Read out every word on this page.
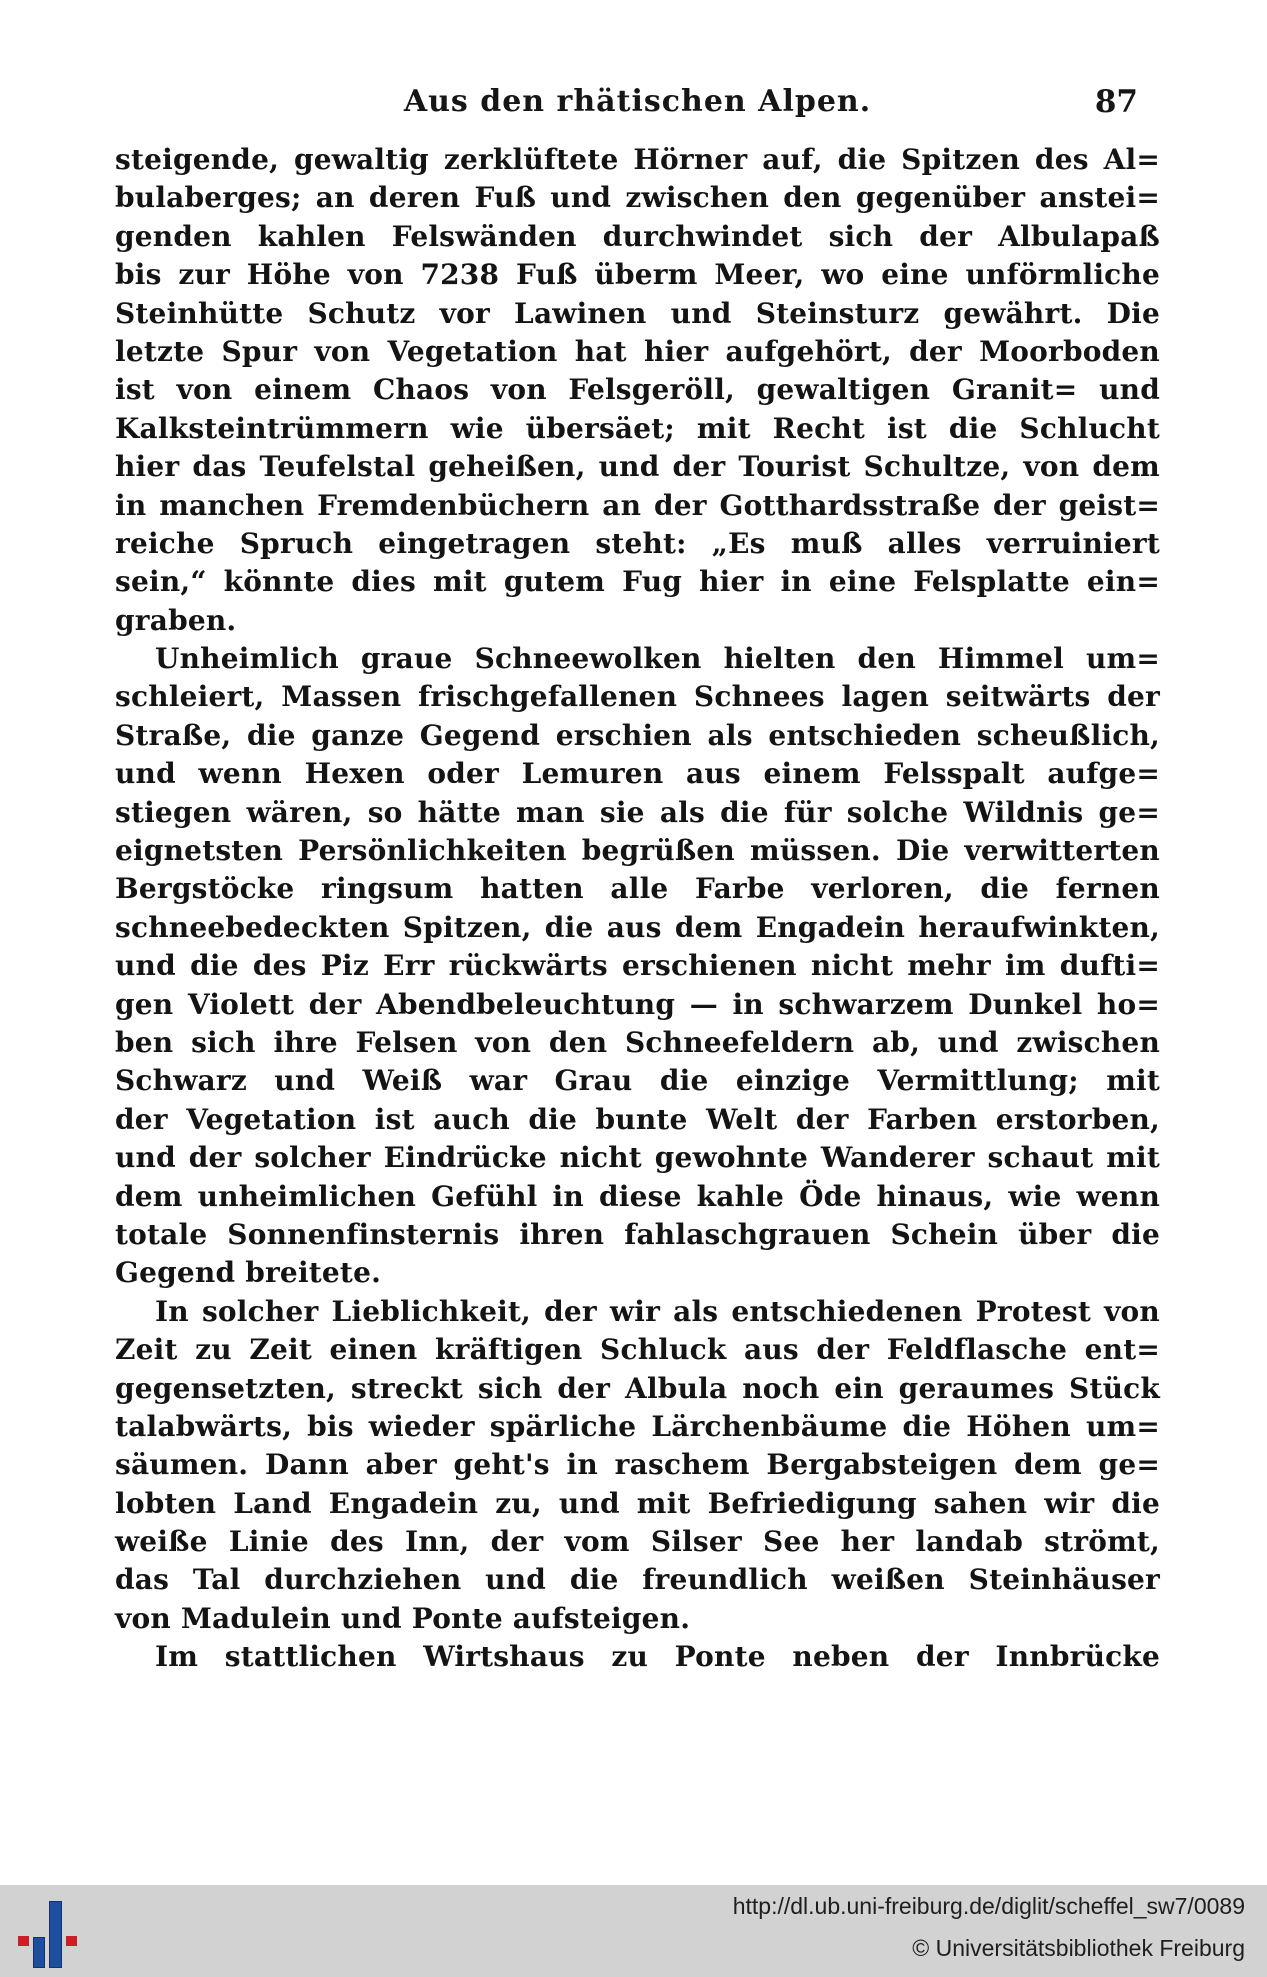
Aus den rhätischen Alpen.	87
steigende, gewaltig zerklüftete Hörner auf, die Spitzen des Al=
bulaberges; an deren Fuß und zwischen den gegenüber anstei=
genden kahlen Felswänden durchwindet sich der Albulapaß
bis zur Höhe von 7238 Fuß überm Meer, wo eine unförmliche
Steinhütte Schutz vor Lawinen und Steinsturz gewährt. Die
letzte Spur von Vegetation hat hier aufgehört, der Moorboden
ist von einem Chaos von Felsgeröll, gewaltigen Granit= und
Kalksteintrümmern wie übersäet; mit Recht ist die Schlucht
hier das Teufelstal geheißen, und der Tourist Schultze, von dem
in manchen Fremdenbüchern an der Gotthardsstraße der geist=
reiche Spruch eingetragen steht: „Es muß alles verruiniert
sein,“ könnte dies mit gutem Fug hier in eine Felsplatte ein=
graben.
Unheimlich graue Schneewolken hielten den Himmel um=
schleiert, Massen frischgefallenen Schnees lagen seitwärts der
Straße, die ganze Gegend erschien als entschieden scheußlich,
und wenn Hexen oder Lemuren aus einem Felsspalt aufge=
stiegen wären, so hätte man sie als die für solche Wildnis ge=
eignetsten Persönlichkeiten begrüßen müssen. Die verwitterten
Bergstöcke ringsum hatten alle Farbe verloren, die fernen
schneebedeckten Spitzen, die aus dem Engadein heraufwinkten,
und die des Piz Err rückwärts erschienen nicht mehr im dufti=
gen Violett der Abendbeleuchtung — in schwarzem Dunkel ho=
ben sich ihre Felsen von den Schneefeldern ab, und zwischen
Schwarz und Weiß war Grau die einzige Vermittlung; mit
der Vegetation ist auch die bunte Welt der Farben erstorben,
und der solcher Eindrücke nicht gewohnte Wanderer schaut mit
dem unheimlichen Gefühl in diese kahle Öde hinaus, wie wenn
totale Sonnenfinsternis ihren fahlaschgrauen Schein über die
Gegend breitete.
In solcher Lieblichkeit, der wir als entschiedenen Protest von
Zeit zu Zeit einen kräftigen Schluck aus der Feldflasche ent=
gegensetzten, streckt sich der Albula noch ein geraumes Stück
talabwärts, bis wieder spärliche Lärchenbäume die Höhen um=
säumen. Dann aber geht's in raschem Bergabsteigen dem ge=
lobten Land Engadein zu, und mit Befriedigung sahen wir die
weiße Linie des Inn, der vom Silser See her landab strömt,
das Tal durchziehen und die freundlich weißen Steinhäuser
von Madulein und Ponte aufsteigen.
Im stattlichen Wirtshaus zu Ponte neben der Innbrücke
http://dl.ub.uni-freiburg.de/diglit/scheffel_sw7/0089
© Universitätsbibliothek Freiburg
